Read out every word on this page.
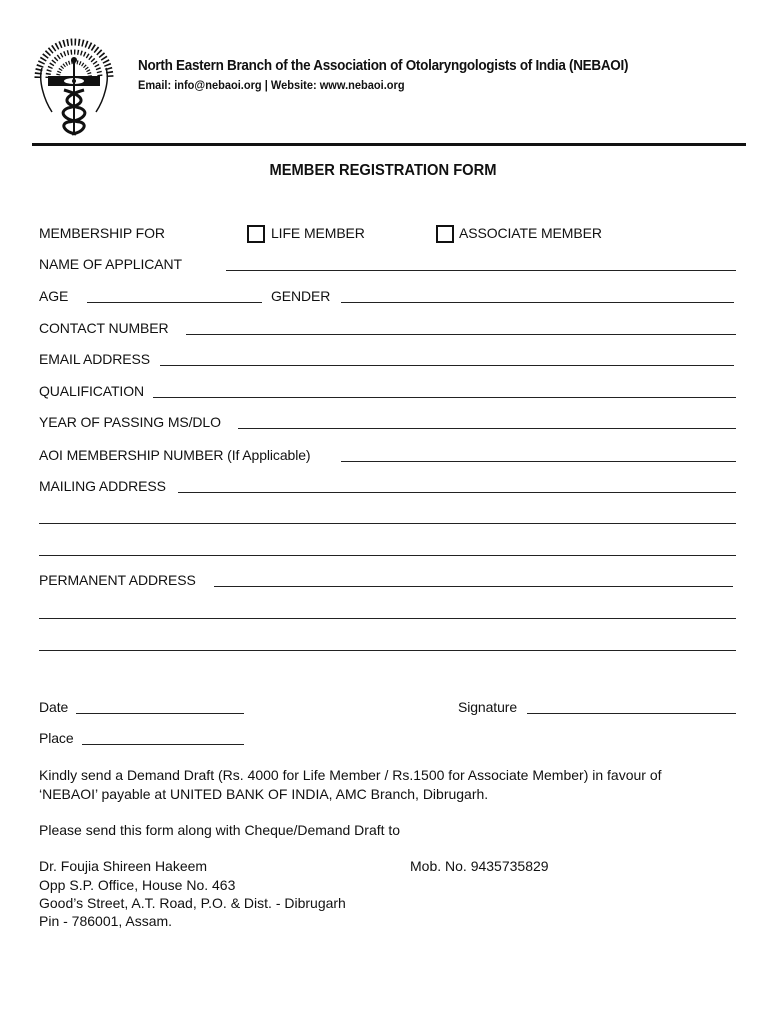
North Eastern Branch of the Association of Otolaryngologists of India (NEBAOI)
Email: info@nebaoi.org | Website: www.nebaoi.org
MEMBER REGISTRATION FORM
MEMBERSHIP FOR	LIFE MEMBER	ASSOCIATE MEMBER
NAME OF APPLICANT
AGE	GENDER
CONTACT NUMBER
EMAIL ADDRESS
QUALIFICATION
YEAR OF PASSING MS/DLO
AOI MEMBERSHIP NUMBER (If Applicable)
MAILING ADDRESS
PERMANENT ADDRESS
Date	Signature
Place
Kindly send a Demand Draft (Rs. 4000 for Life Member / Rs.1500 for Associate Member) in favour of
‘NEBAOI’ payable at UNITED BANK OF INDIA, AMC Branch, Dibrugarh.
Please send this form along with Cheque/Demand Draft to
Dr. Foujia Shireen Hakeem	Mob. No. 9435735829
Opp S.P. Office, House No. 463
Good’s Street, A.T. Road, P.O. & Dist. - Dibrugarh
Pin - 786001, Assam.
